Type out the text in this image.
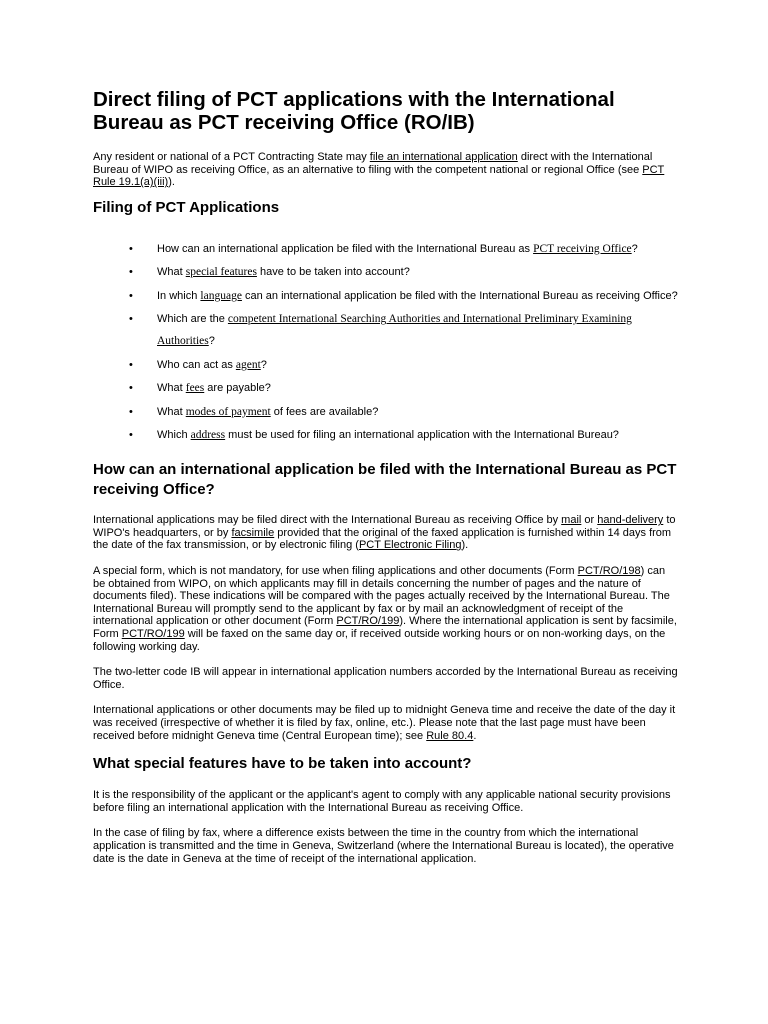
Direct filing of PCT applications with the International Bureau as PCT receiving Office (RO/IB)

Any resident or national of a PCT Contracting State may file an international application direct with the International Bureau of WIPO as receiving Office, as an alternative to filing with the competent national or regional Office (see PCT Rule 19.1(a)(iii)).

Filing of PCT Applications
• How can an international application be filed with the International Bureau as PCT receiving Office?
• What special features have to be taken into account?
• In which language can an international application be filed with the International Bureau as receiving Office?
• Which are the competent International Searching Authorities and International Preliminary Examining Authorities?
• Who can act as agent?
• What fees are payable?
• What modes of payment of fees are available?
• Which address must be used for filing an international application with the International Bureau?
How can an international application be filed with the International Bureau as PCT receiving Office?

International applications may be filed direct with the International Bureau as receiving Office by mail or hand-delivery to WIPO's headquarters, or by facsimile provided that the original of the faxed application is furnished within 14 days from the date of the fax transmission, or by electronic filing (PCT Electronic Filing).

A special form, which is not mandatory, for use when filing applications and other documents (Form PCT/RO/198) can be obtained from WIPO, on which applicants may fill in details concerning the number of pages and the nature of documents filed). These indications will be compared with the pages actually received by the International Bureau. The International Bureau will promptly send to the applicant by fax or by mail an acknowledgment of receipt of the international application or other document (Form PCT/RO/199). Where the international application is sent by facsimile, Form PCT/RO/199 will be faxed on the same day or, if received outside working hours or on non-working days, on the following working day.

The two-letter code IB will appear in international application numbers accorded by the International Bureau as receiving Office.

International applications or other documents may be filed up to midnight Geneva time and receive the date of the day it was received (irrespective of whether it is filed by fax, online, etc.). Please note that the last page must have been received before midnight Geneva time (Central European time); see Rule 80.4.

What special features have to be taken into account?

It is the responsibility of the applicant or the applicant's agent to comply with any applicable national security provisions before filing an international application with the International Bureau as receiving Office.

In the case of filing by fax, where a difference exists between the time in the country from which the international application is transmitted and the time in Geneva, Switzerland (where the International Bureau is located), the operative date is the date in Geneva at the time of receipt of the international application.
